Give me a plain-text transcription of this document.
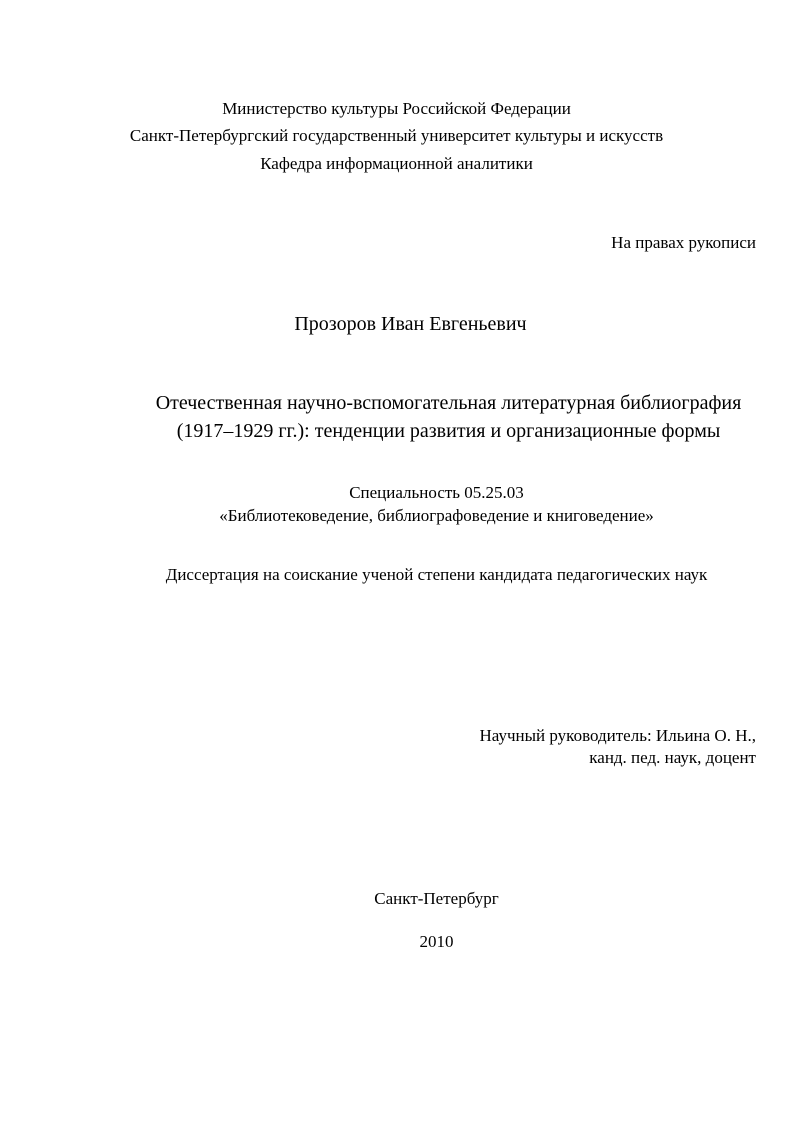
Министерство культуры Российской Федерации
Санкт-Петербургский государственный университет культуры и искусств
Кафедра информационной аналитики
На правах рукописи
Прозоров Иван Евгеньевич
Отечественная научно-вспомогательная литературная библиография
(1917–1929 гг.): тенденции развития и организационные формы
Специальность 05.25.03
«Библиотековедение, библиографоведение и книговедение»
Диссертация на соискание ученой степени кандидата педагогических наук
Научный руководитель: Ильина О. Н.,
канд. пед. наук, доцент
Санкт-Петербург
2010
